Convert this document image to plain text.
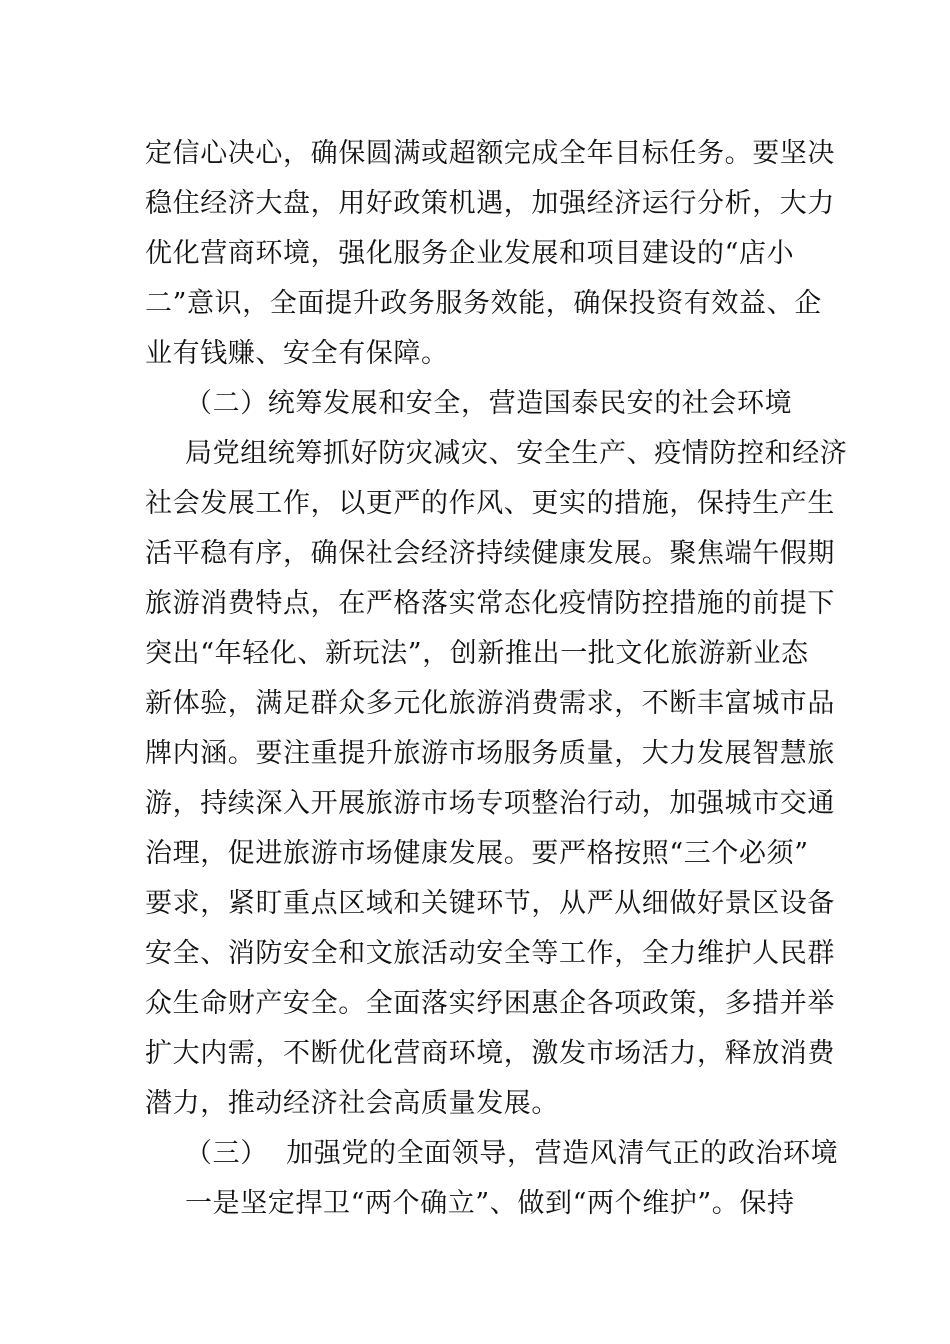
定信心决心，确保圆满或超额完成全年目标任务。要坚决
稳住经济大盘，用好政策机遇，加强经济运行分析，大力
优化营商环境，强化服务企业发展和项目建设的“店小
二”意识，全面提升政务服务效能，确保投资有效益、企
业有钱赚、安全有保障。
（二）统筹发展和安全，营造国泰民安的社会环境
局党组统筹抓好防灾减灾、安全生产、疫情防控和经济
社会发展工作，以更严的作风、更实的措施，保持生产生
活平稳有序，确保社会经济持续健康发展。聚焦端午假期
旅游消费特点，在严格落实常态化疫情防控措施的前提下
突出“年轻化、新玩法”，创新推出一批文化旅游新业态
新体验，满足群众多元化旅游消费需求，不断丰富城市品
牌内涵。要注重提升旅游市场服务质量，大力发展智慧旅
游，持续深入开展旅游市场专项整治行动，加强城市交通
治理，促进旅游市场健康发展。要严格按照“三个必须”
要求，紧盯重点区域和关键环节，从严从细做好景区设备
安全、消防安全和文旅活动安全等工作，全力维护人民群
众生命财产安全。全面落实纾困惠企各项政策，多措并举
扩大内需，不断优化营商环境，激发市场活力，释放消费
潜力，推动经济社会高质量发展。
（三）  加强党的全面领导，营造风清气正的政治环境
一是坚定捍卫“两个确立”、做到“两个维护”。保持
